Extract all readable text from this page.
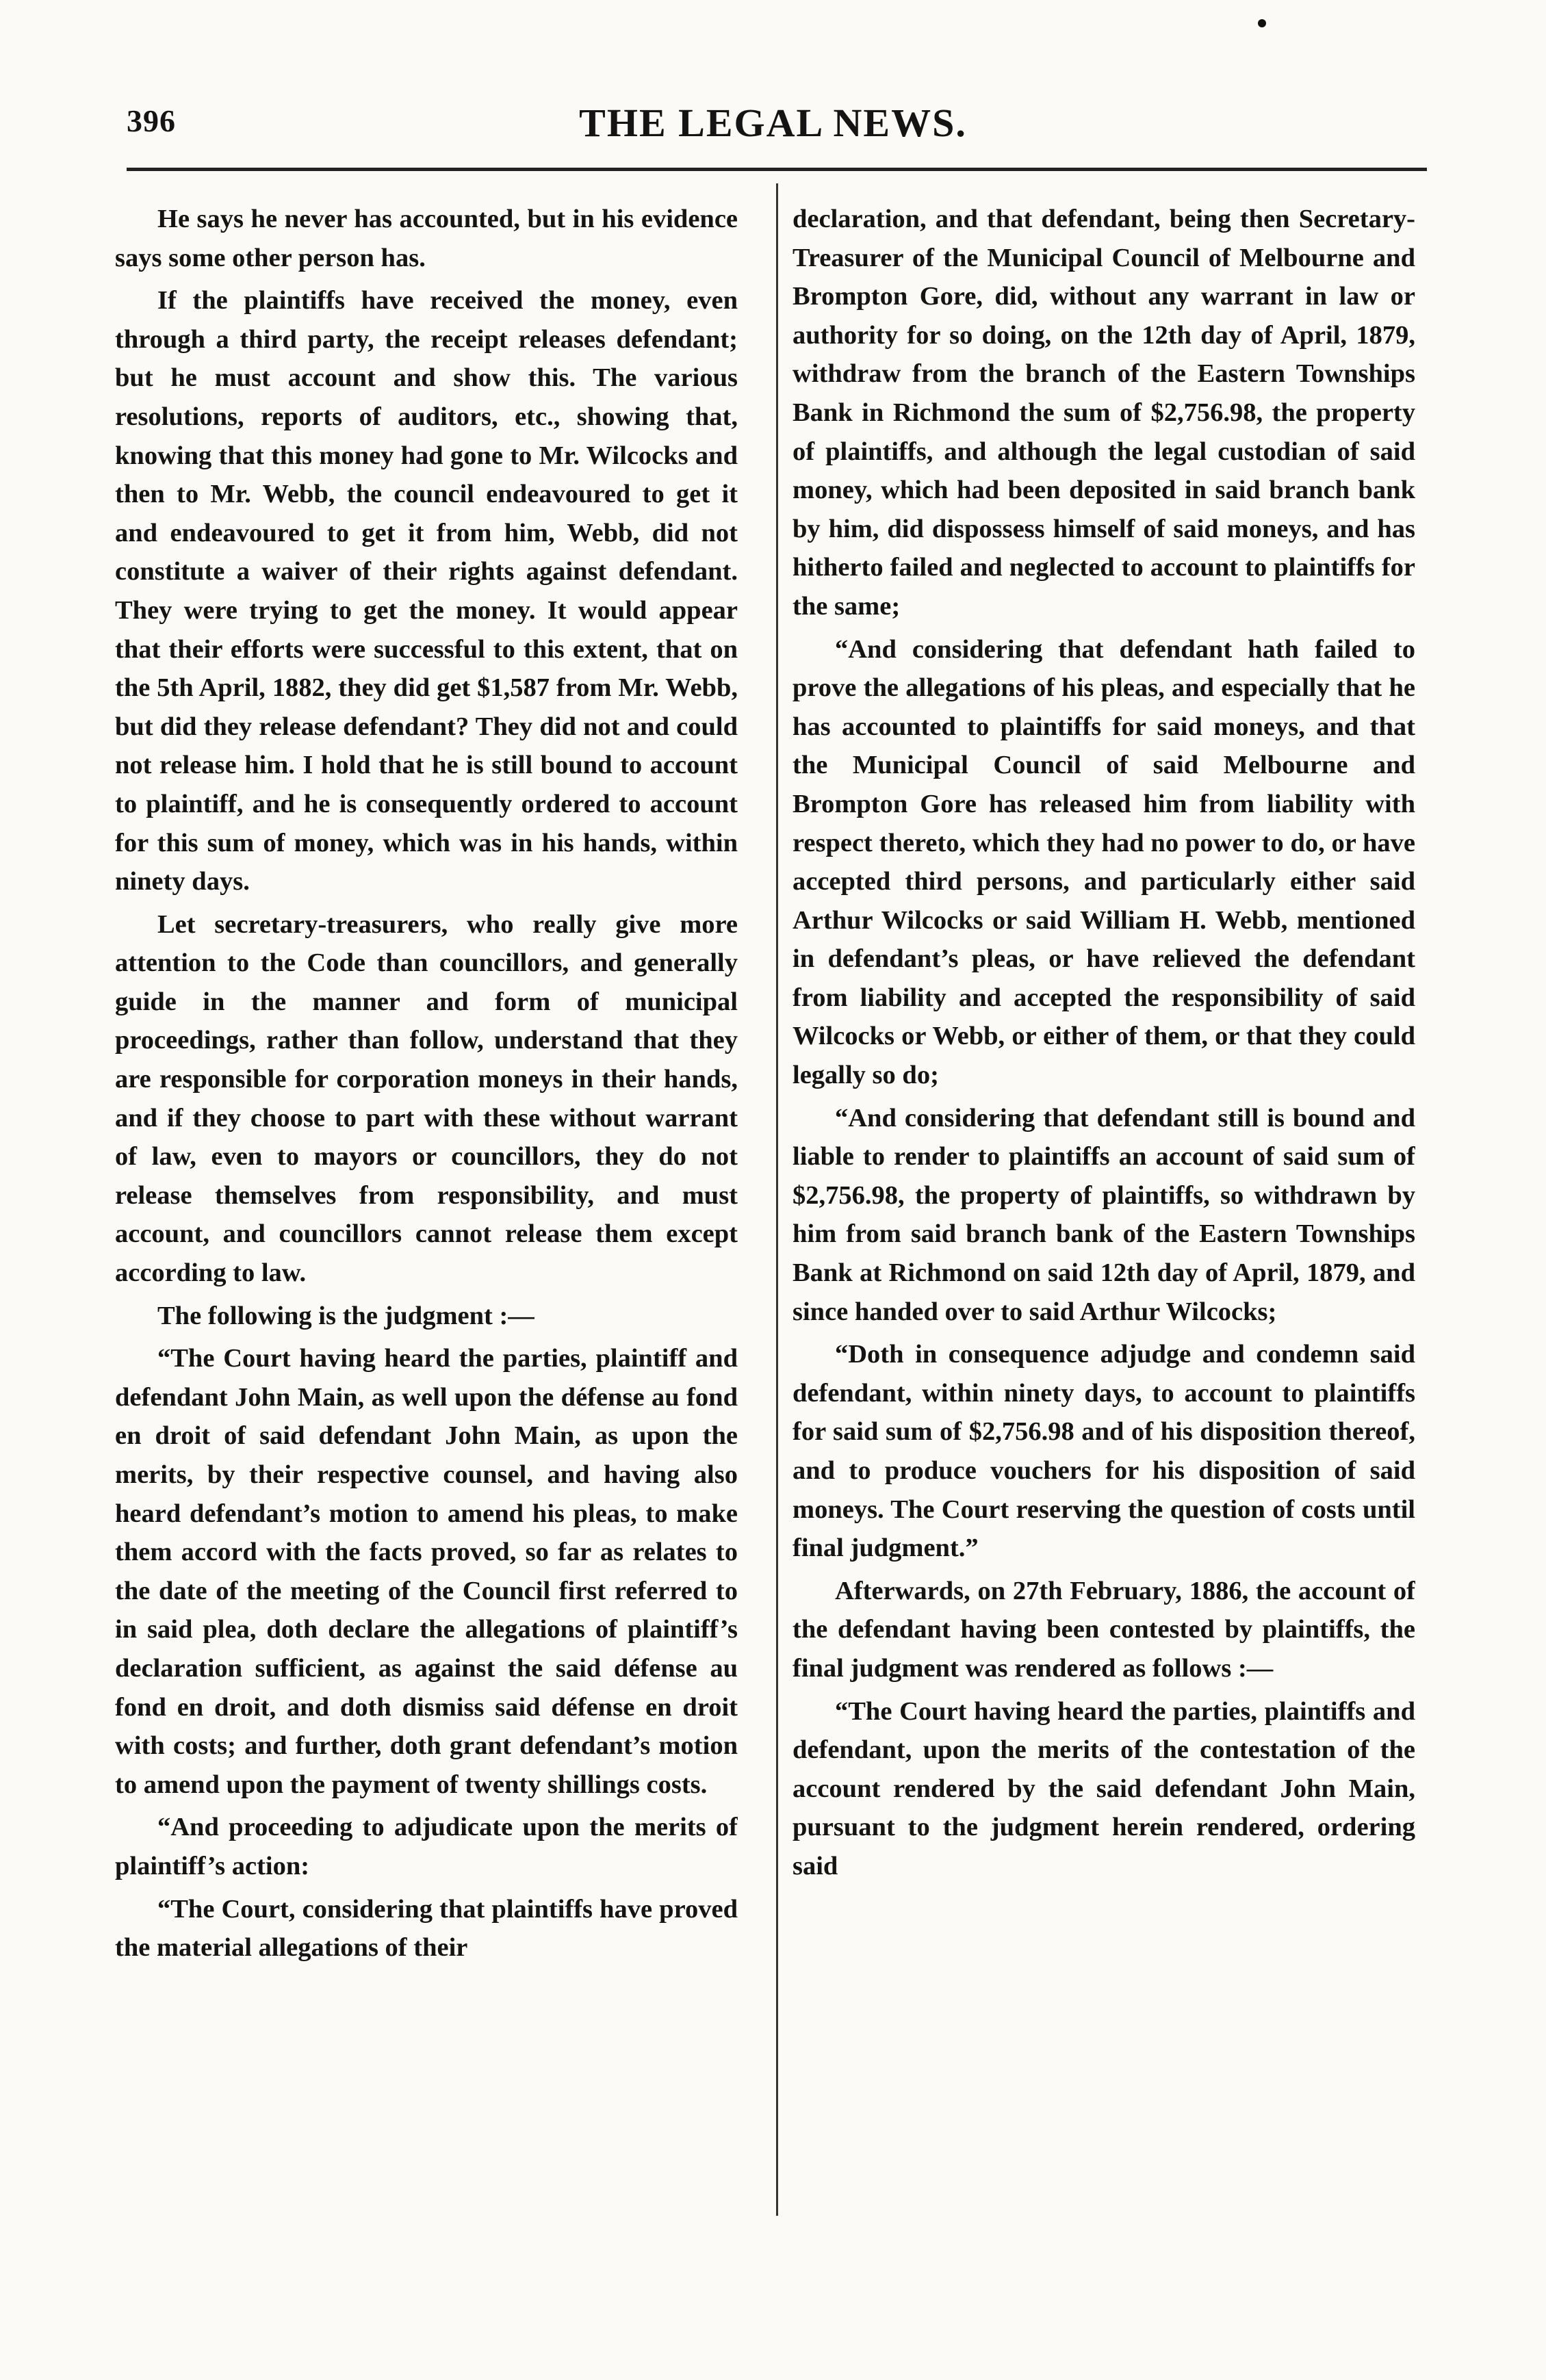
396	THE LEGAL NEWS.

He says he never has accounted, but in his evidence says some other person has.

If the plaintiffs have received the money, even through a third party, the receipt releases defendant; but he must account and show this. The various resolutions, reports of auditors, etc., showing that, knowing that this money had gone to Mr. Wilcocks and then to Mr. Webb, the council endeavoured to get it and endeavoured to get it from him, Webb, did not constitute a waiver of their rights against defendant. They were trying to get the money. It would appear that their efforts were successful to this extent, that on the 5th April, 1882, they did get $1,587 from Mr. Webb, but did they release defendant? They did not and could not release him. I hold that he is still bound to account to plaintiff, and he is consequently ordered to account for this sum of money, which was in his hands, within ninety days.

Let secretary-treasurers, who really give more attention to the Code than councillors, and generally guide in the manner and form of municipal proceedings, rather than follow, understand that they are responsible for corporation moneys in their hands, and if they choose to part with these without warrant of law, even to mayors or councillors, they do not release themselves from responsibility, and must account, and councillors cannot release them except according to law.

The following is the judgment :—

“The Court having heard the parties, plaintiff and defendant John Main, as well upon the défense au fond en droit of said defendant John Main, as upon the merits, by their respective counsel, and having also heard defendant’s motion to amend his pleas, to make them accord with the facts proved, so far as relates to the date of the meeting of the Council first referred to in said plea, doth declare the allegations of plaintiff’s declaration sufficient, as against the said défense au fond en droit, and doth dismiss said défense en droit with costs; and further, doth grant defendant’s motion to amend upon the payment of twenty shillings costs.

“And proceeding to adjudicate upon the merits of plaintiff’s action:

“The Court, considering that plaintiffs have proved the material allegations of their

declaration, and that defendant, being then Secretary-Treasurer of the Municipal Council of Melbourne and Brompton Gore, did, without any warrant in law or authority for so doing, on the 12th day of April, 1879, withdraw from the branch of the Eastern Townships Bank in Richmond the sum of $2,756.98, the property of plaintiffs, and although the legal custodian of said money, which had been deposited in said branch bank by him, did dispossess himself of said moneys, and has hitherto failed and neglected to account to plaintiffs for the same;

“And considering that defendant hath failed to prove the allegations of his pleas, and especially that he has accounted to plaintiffs for said moneys, and that the Municipal Council of said Melbourne and Brompton Gore has released him from liability with respect thereto, which they had no power to do, or have accepted third persons, and particularly either said Arthur Wilcocks or said William H. Webb, mentioned in defendant’s pleas, or have relieved the defendant from liability and accepted the responsibility of said Wilcocks or Webb, or either of them, or that they could legally so do;

“And considering that defendant still is bound and liable to render to plaintiffs an account of said sum of $2,756.98, the property of plaintiffs, so withdrawn by him from said branch bank of the Eastern Townships Bank at Richmond on said 12th day of April, 1879, and since handed over to said Arthur Wilcocks;

“Doth in consequence adjudge and condemn said defendant, within ninety days, to account to plaintiffs for said sum of $2,756.98 and of his disposition thereof, and to produce vouchers for his disposition of said moneys. The Court reserving the question of costs until final judgment.”

Afterwards, on 27th February, 1886, the account of the defendant having been contested by plaintiffs, the final judgment was rendered as follows :—

“The Court having heard the parties, plaintiffs and defendant, upon the merits of the contestation of the account rendered by the said defendant John Main, pursuant to the judgment herein rendered, ordering said
